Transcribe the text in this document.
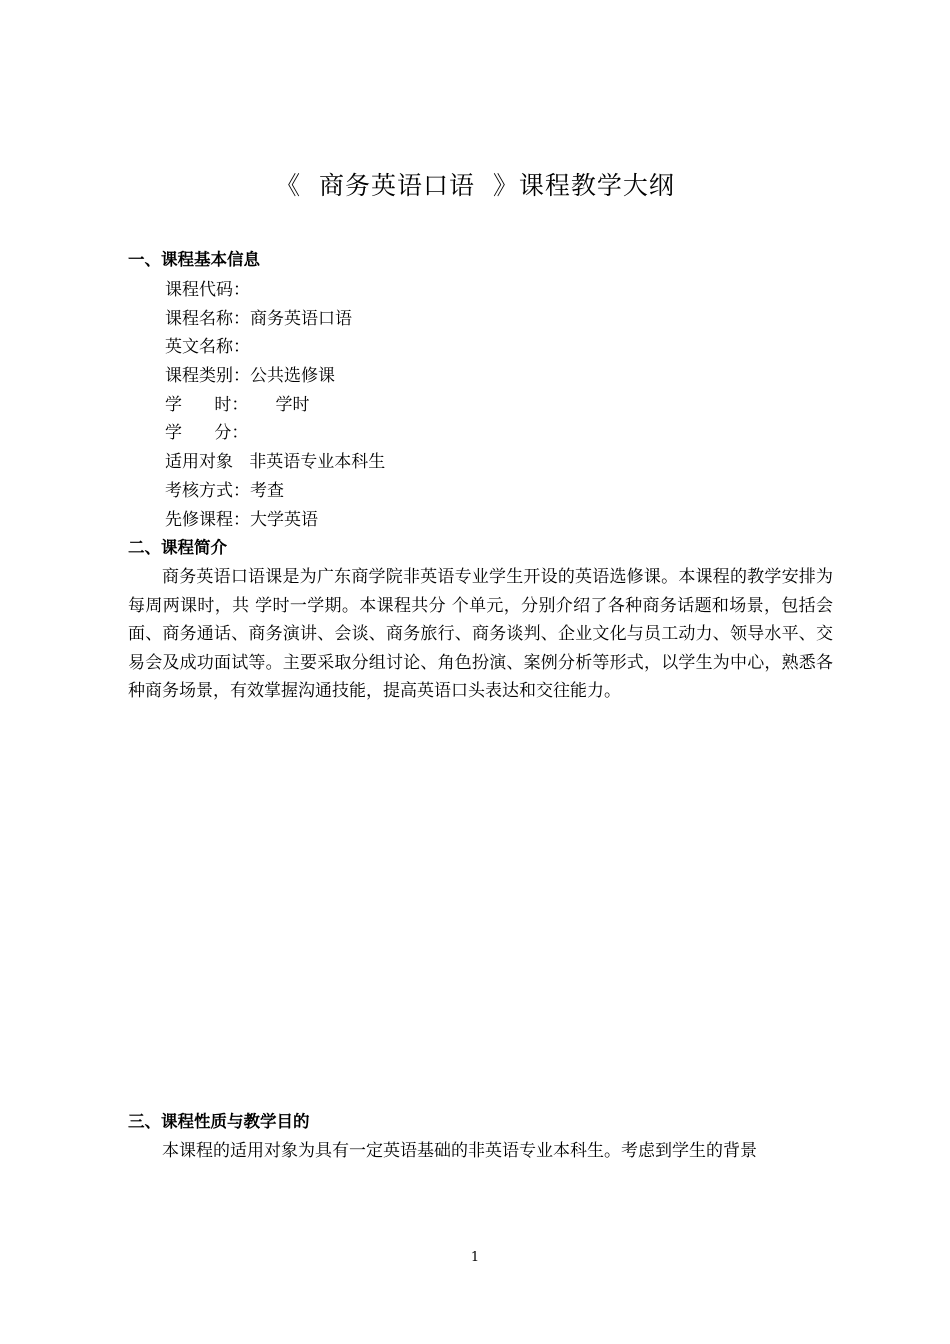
《  商务英语口语  》课程教学大纲
一、课程基本信息
课程代码：
课程名称：商务英语口语
英文名称：
课程类别：公共选修课
学      时：     学时
学      分：
适用对象   非英语专业本科生
考核方式：考查
先修课程：大学英语
二、课程简介

商务英语口语课是为广东商学院非英语专业学生开设的英语选修课。本课程的教学安排为每周两课时，共 学时一学期。本课程共分 个单元，分别介绍了各种商务话题和场景，包括会面、商务通话、商务演讲、会谈、商务旅行、商务谈判、企业文化与员工动力、领导水平、交易会及成功面试等。主要采取分组讨论、角色扮演、案例分析等形式，以学生为中心，熟悉各种商务场景，有效掌握沟通技能，提高英语口头表达和交往能力。

三、课程性质与教学目的

本课程的适用对象为具有一定英语基础的非英语专业本科生。考虑到学生的背景

1
